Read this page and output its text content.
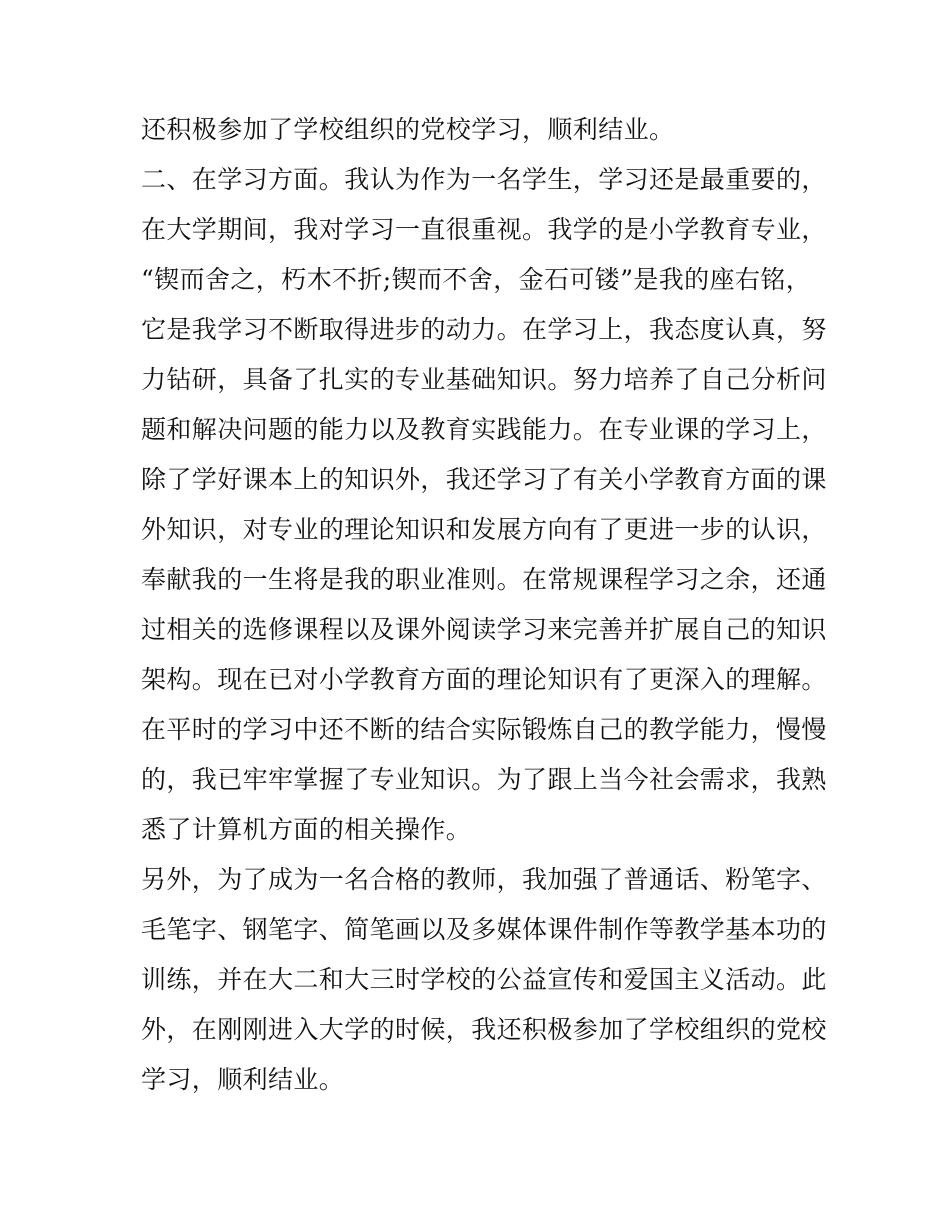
还积极参加了学校组织的党校学习，顺利结业。
二、在学习方面。我认为作为一名学生，学习还是最重要的，
在大学期间，我对学习一直很重视。我学的是小学教育专业，
“锲而舍之，朽木不折;锲而不舍，金石可镂”是我的座右铭，
它是我学习不断取得进步的动力。在学习上，我态度认真，努
力钻研，具备了扎实的专业基础知识。努力培养了自己分析问
题和解决问题的能力以及教育实践能力。在专业课的学习上，
除了学好课本上的知识外，我还学习了有关小学教育方面的课
外知识，对专业的理论知识和发展方向有了更进一步的认识，
奉献我的一生将是我的职业准则。在常规课程学习之余，还通
过相关的选修课程以及课外阅读学习来完善并扩展自己的知识
架构。现在已对小学教育方面的理论知识有了更深入的理解。
在平时的学习中还不断的结合实际锻炼自己的教学能力，慢慢
的，我已牢牢掌握了专业知识。为了跟上当今社会需求，我熟
悉了计算机方面的相关操作。
另外，为了成为一名合格的教师，我加强了普通话、粉笔字、
毛笔字、钢笔字、简笔画以及多媒体课件制作等教学基本功的
训练，并在大二和大三时学校的公益宣传和爱国主义活动。此
外，在刚刚进入大学的时候，我还积极参加了学校组织的党校
学习，顺利结业。
